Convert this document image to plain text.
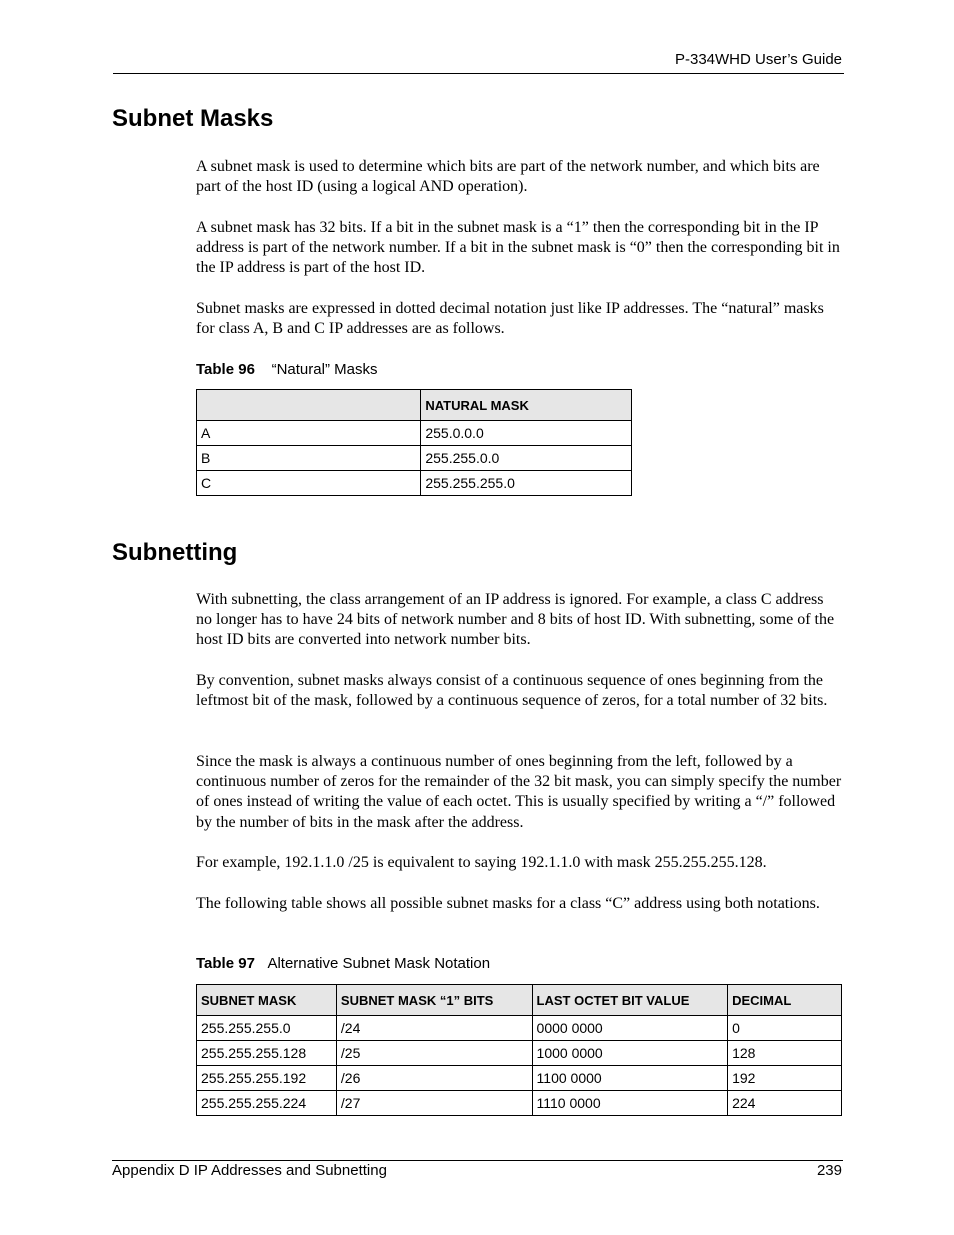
P-334WHD User’s Guide
Subnet Masks

A subnet mask is used to determine which bits are part of the network number, and which bits are part of the host ID (using a logical AND operation).

A subnet mask has 32 bits. If a bit in the subnet mask is a “1” then the corresponding bit in the IP address is part of the network number. If a bit in the subnet mask is “0” then the corresponding bit in the IP address is part of the host ID.

Subnet masks are expressed in dotted decimal notation just like IP addresses. The “natural” masks for class A, B and C IP addresses are as follows.

Table 96 “Natural” Masks
	NATURAL MASK
A	255.0.0.0
B	255.255.0.0
C	255.255.255.0
Subnetting

With subnetting, the class arrangement of an IP address is ignored. For example, a class C address no longer has to have 24 bits of network number and 8 bits of host ID. With subnetting, some of the host ID bits are converted into network number bits.

By convention, subnet masks always consist of a continuous sequence of ones beginning from the leftmost bit of the mask, followed by a continuous sequence of zeros, for a total number of 32 bits.

Since the mask is always a continuous number of ones beginning from the left, followed by a continuous number of zeros for the remainder of the 32 bit mask, you can simply specify the number of ones instead of writing the value of each octet. This is usually specified by writing a “/” followed by the number of bits in the mask after the address.

For example, 192.1.1.0 /25 is equivalent to saying 192.1.1.0 with mask 255.255.255.128.

The following table shows all possible subnet masks for a class “C” address using both notations.

Table 97 Alternative Subnet Mask Notation
SUBNET MASK	SUBNET MASK “1” BITS	LAST OCTET BIT VALUE	DECIMAL
255.255.255.0	/24	0000 0000	0
255.255.255.128	/25	1000 0000	128
255.255.255.192	/26	1100 0000	192
255.255.255.224	/27	1110 0000	224
Appendix D IP Addresses and Subnetting	239
